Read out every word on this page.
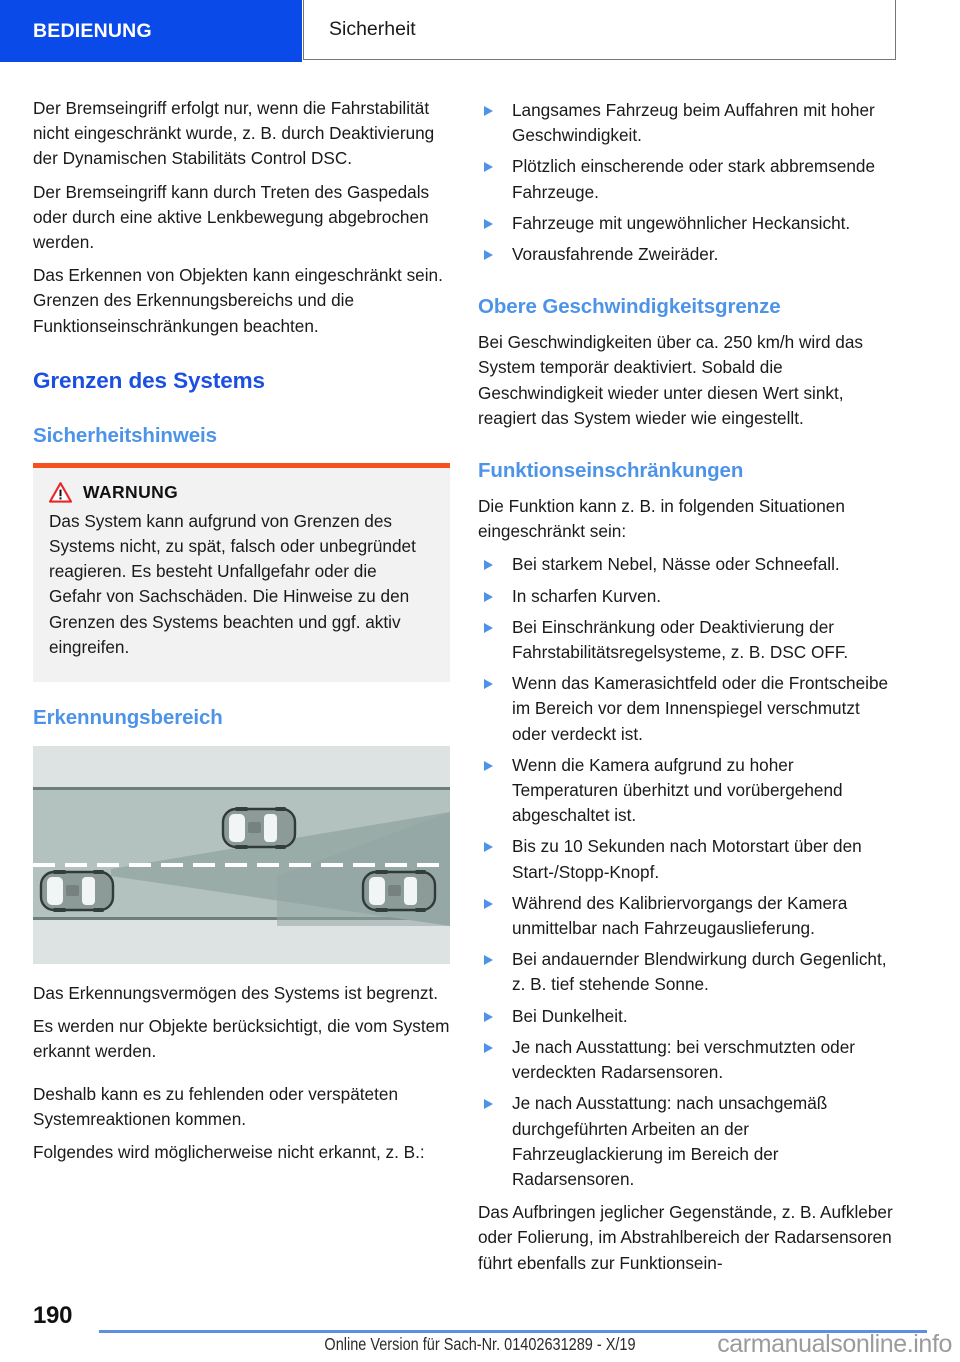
BEDIENUNG	Sicherheit

Der Bremseingriff erfolgt nur, wenn die Fahrstabilität nicht eingeschränkt wurde, z. B. durch Deaktivierung der Dynamischen Stabilitäts Control DSC.

Der Bremseingriff kann durch Treten des Gaspedals oder durch eine aktive Lenkbewegung abgebrochen werden.

Das Erkennen von Objekten kann eingeschränkt sein. Grenzen des Erkennungsbereichs und die Funktionseinschränkungen beachten.

Grenzen des Systems
Sicherheitshinweis
WARNUNG

Das System kann aufgrund von Grenzen des Systems nicht, zu spät, falsch oder unbegründet reagieren. Es besteht Unfallgefahr oder die Gefahr von Sachschäden. Die Hinweise zu den Grenzen des Systems beachten und ggf. aktiv eingreifen.

Erkennungsbereich

Das Erkennungsvermögen des Systems ist begrenzt.

Es werden nur Objekte berücksichtigt, die vom System erkannt werden.

Deshalb kann es zu fehlenden oder verspäteten Systemreaktionen kommen.

Folgendes wird möglicherweise nicht erkannt, z. B.:

Langsames Fahrzeug beim Auffahren mit hoher Geschwindigkeit.
Plötzlich einscherende oder stark abbremsende Fahrzeuge.
Fahrzeuge mit ungewöhnlicher Heckansicht.
Vorausfahrende Zweiräder.
Obere Geschwindigkeitsgrenze

Bei Geschwindigkeiten über ca. 250 km/h wird das System temporär deaktiviert. Sobald die Geschwindigkeit wieder unter diesen Wert sinkt, reagiert das System wieder wie eingestellt.

Funktionseinschränkungen

Die Funktion kann z. B. in folgenden Situationen eingeschränkt sein:

Bei starkem Nebel, Nässe oder Schneefall.
In scharfen Kurven.
Bei Einschränkung oder Deaktivierung der Fahrstabilitätsregelsysteme, z. B. DSC OFF.
Wenn das Kamerasichtfeld oder die Frontscheibe im Bereich vor dem Innenspiegel verschmutzt oder verdeckt ist.
Wenn die Kamera aufgrund zu hoher Temperaturen überhitzt und vorübergehend abgeschaltet ist.
Bis zu 10 Sekunden nach Motorstart über den Start-/Stopp-Knopf.
Während des Kalibriervorgangs der Kamera unmittelbar nach Fahrzeugauslieferung.
Bei andauernder Blendwirkung durch Gegenlicht, z. B. tief stehende Sonne.
Bei Dunkelheit.
Je nach Ausstattung: bei verschmutzten oder verdeckten Radarsensoren.
Je nach Ausstattung: nach unsachgemäß durchgeführten Arbeiten an der Fahrzeuglackierung im Bereich der Radarsensoren.

Das Aufbringen jeglicher Gegenstände, z. B. Aufkleber oder Folierung, im Abstrahlbereich der Radarsensoren führt ebenfalls zur Funktionsein-

190
Online Version für Sach-Nr. 01402631289 - X/19	carmanualsonline.info
